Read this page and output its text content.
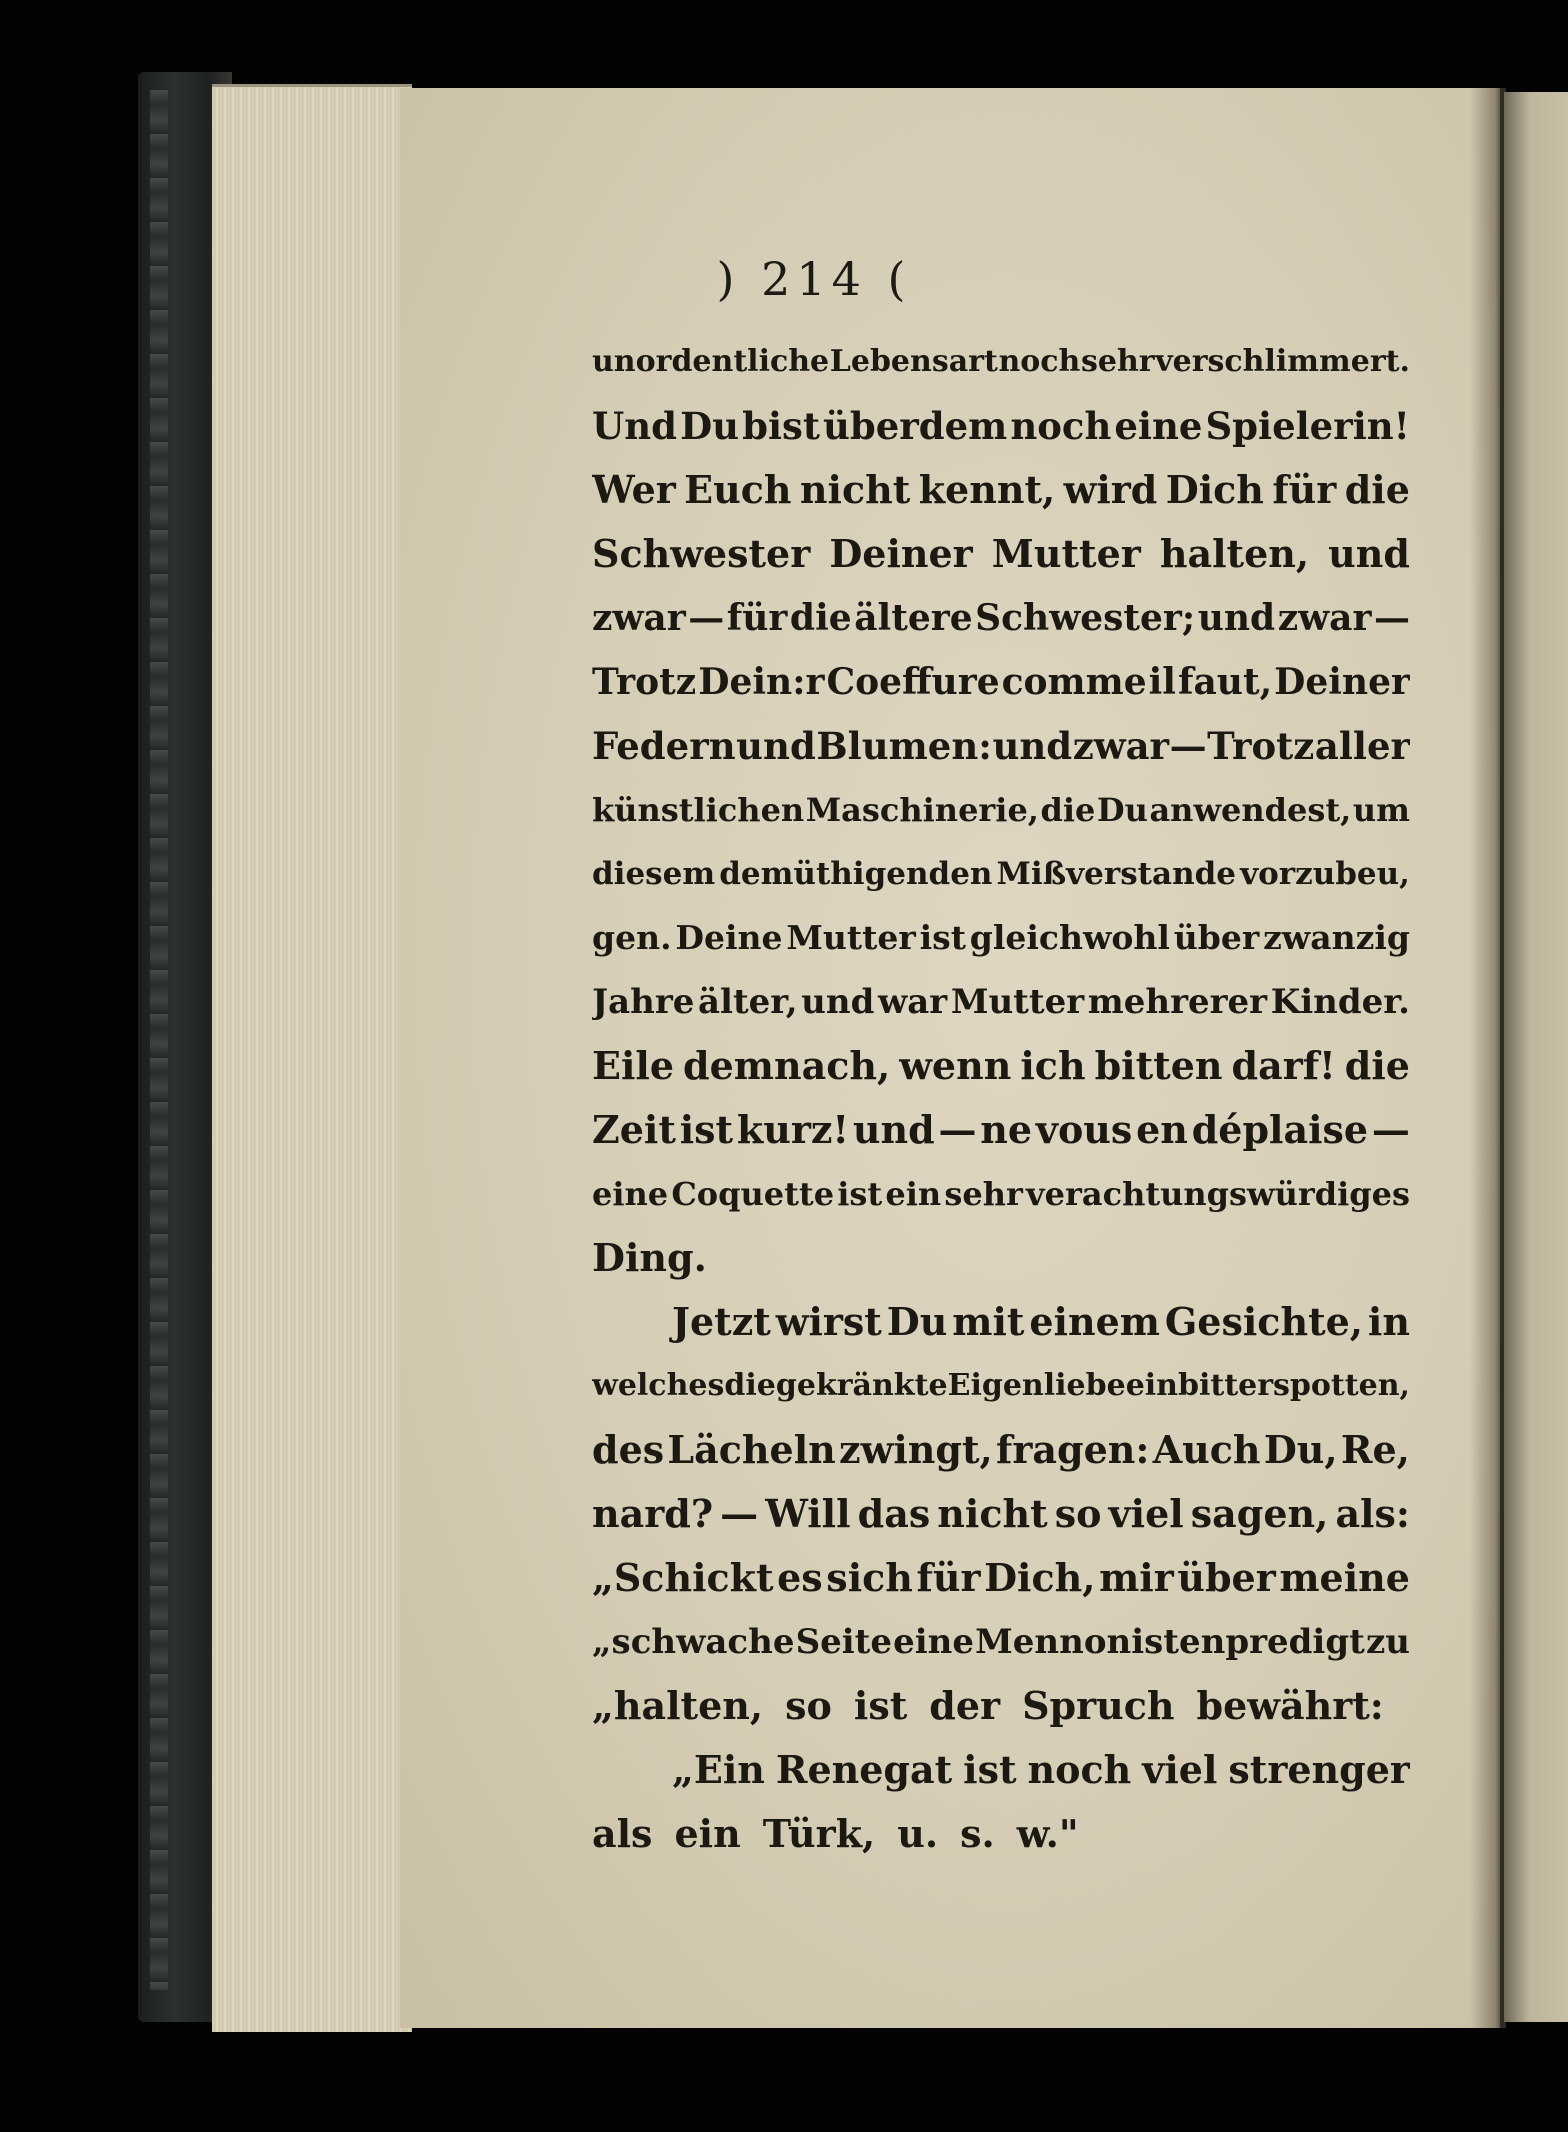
) 214 (
unordentliche Lebensart noch sehr verschlimmert.
Und Du bist überdem noch eine Spielerin!
Wer Euch nicht kennt, wird Dich für die
Schwester Deiner Mutter halten, und
zwar — für die ältere Schwester; und zwar —
Trotz Dein:r Coeffure comme il faut, Deiner
Federn und Blumen: und zwar — Trotz aller
künstlichen Maschinerie, die Du anwendest, um
diesem demüthigenden Mißverstande vorzubeu,
gen. Deine Mutter ist gleichwohl über zwanzig
Jahre älter, und war Mutter mehrerer Kinder.
Eile demnach, wenn ich bitten darf! die
Zeit ist kurz! und — ne vous en déplaise —
eine Coquette ist ein sehr verachtungswürdiges
Ding.
Jetzt wirst Du mit einem Gesichte, in
welches die gekränkte Eigenliebe ein bitterspotten,
des Lächeln zwingt, fragen: Auch Du, Re,
nard? — Will das nicht so viel sagen, als:
„Schickt es sich für Dich, mir über meine
„schwache Seite eine Mennonistenpredigt zu
„halten, so ist der Spruch bewährt:
„Ein Renegat ist noch viel strenger
als ein Türk, u. s. w."
